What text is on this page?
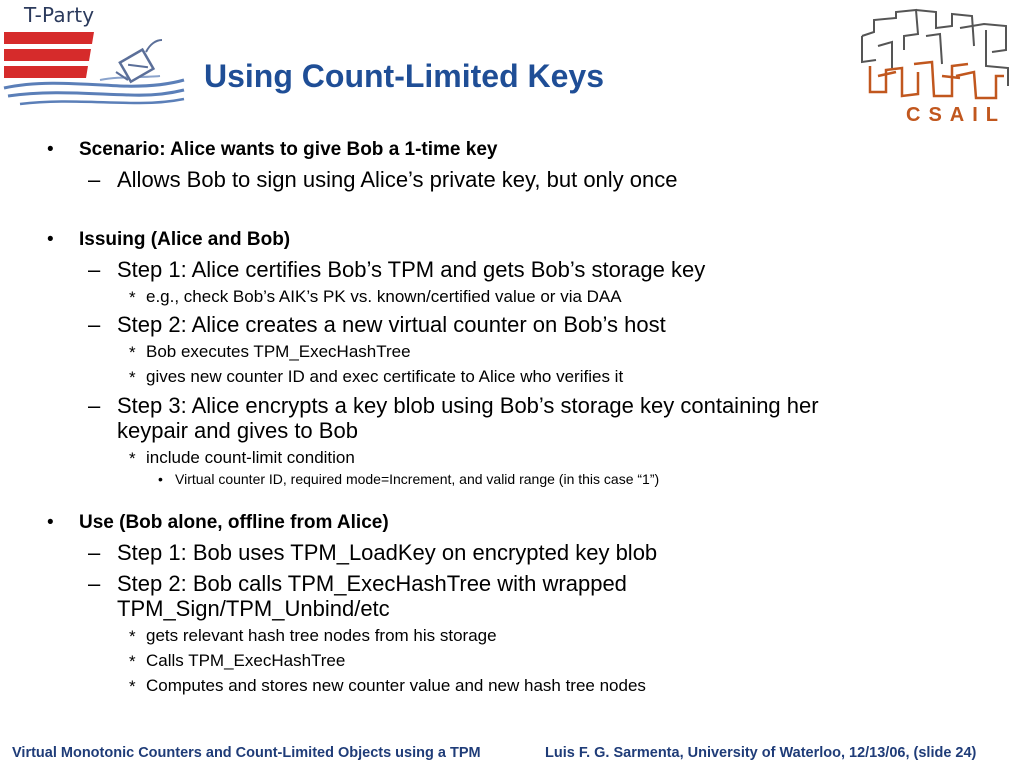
T-Party
Using Count-Limited Keys
CSAIL
• Scenario: Alice wants to give Bob a 1-time key
– Allows Bob to sign using Alice’s private key, but only once
• Issuing (Alice and Bob)
– Step 1: Alice certifies Bob’s TPM and gets Bob’s storage key
* e.g., check Bob’s AIK’s PK vs. known/certified value or via DAA
– Step 2: Alice creates a new virtual counter on Bob’s host
* Bob executes TPM_ExecHashTree
* gives new counter ID and exec certificate to Alice who verifies it
– Step 3: Alice encrypts a key blob using Bob’s storage key containing her
keypair and gives to Bob
* include count-limit condition
• Virtual counter ID, required mode=Increment, and valid range (in this case “1”)
• Use (Bob alone, offline from Alice)
– Step 1: Bob uses TPM_LoadKey on encrypted key blob
– Step 2: Bob calls TPM_ExecHashTree with wrapped
TPM_Sign/TPM_Unbind/etc
* gets relevant hash tree nodes from his storage
* Calls TPM_ExecHashTree
* Computes and stores new counter value and new hash tree nodes
Virtual Monotonic Counters and Count-Limited Objects using a TPM	Luis F. G. Sarmenta, University of Waterloo, 12/13/06, (slide 24)
